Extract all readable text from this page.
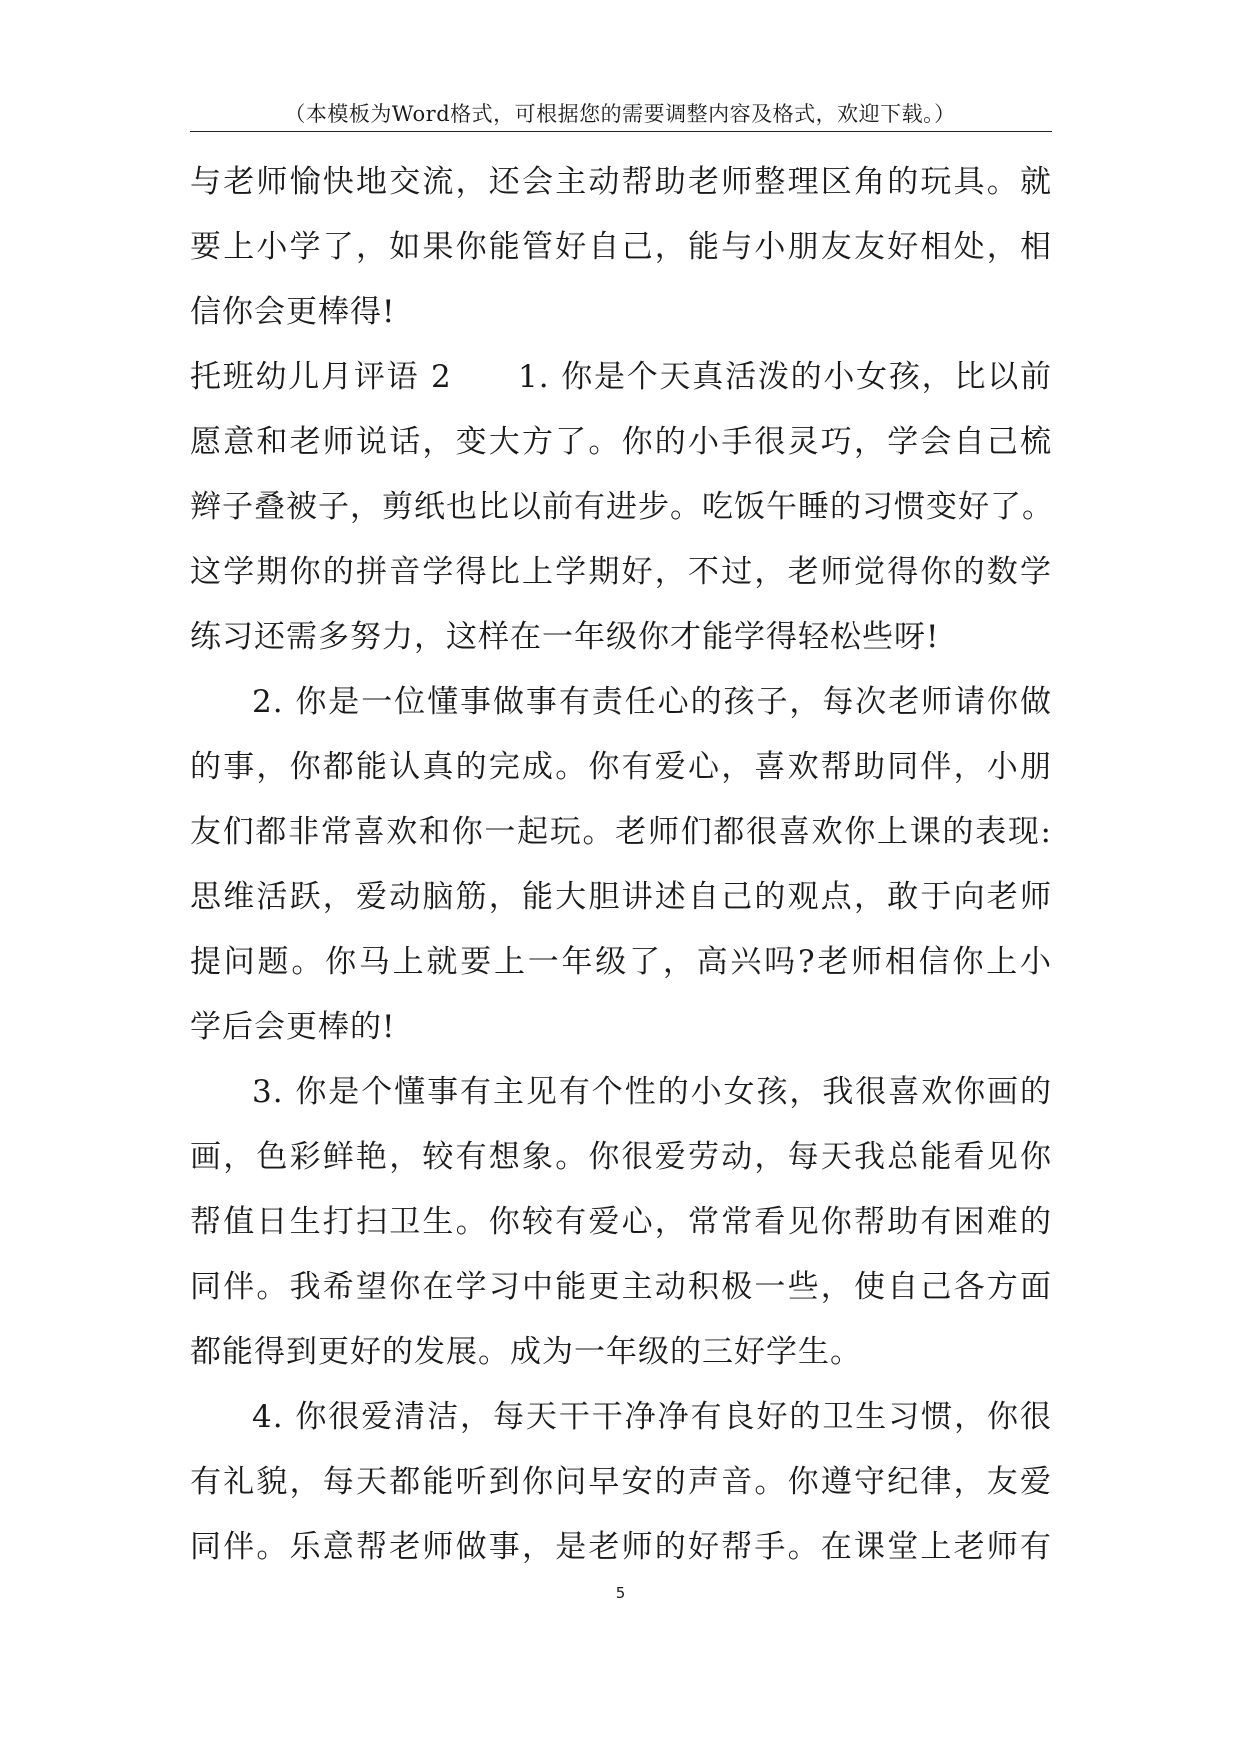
（本模板为Word格式，可根据您的需要调整内容及格式，欢迎下载。）
与老师愉快地交流，还会主动帮助老师整理区角的玩具。就
要上小学了，如果你能管好自己，能与小朋友友好相处，相
信你会更棒得!
托班幼儿月评语 2　　1. 你是个天真活泼的小女孩，比以前
愿意和老师说话，变大方了。你的小手很灵巧，学会自己梳
辫子叠被子，剪纸也比以前有进步。吃饭午睡的习惯变好了。
这学期你的拼音学得比上学期好，不过，老师觉得你的数学
练习还需多努力，这样在一年级你才能学得轻松些呀!
2. 你是一位懂事做事有责任心的孩子，每次老师请你做
的事，你都能认真的完成。你有爱心，喜欢帮助同伴，小朋
友们都非常喜欢和你一起玩。老师们都很喜欢你上课的表现:
思维活跃，爱动脑筋，能大胆讲述自己的观点，敢于向老师
提问题。你马上就要上一年级了，高兴吗?老师相信你上小
学后会更棒的!
3. 你是个懂事有主见有个性的小女孩，我很喜欢你画的
画，色彩鲜艳，较有想象。你很爱劳动，每天我总能看见你
帮值日生打扫卫生。你较有爱心，常常看见你帮助有困难的
同伴。我希望你在学习中能更主动积极一些，使自己各方面
都能得到更好的发展。成为一年级的三好学生。
4. 你很爱清洁，每天干干净净有良好的卫生习惯，你很
有礼貌，每天都能听到你问早安的声音。你遵守纪律，友爱
同伴。乐意帮老师做事，是老师的好帮手。在课堂上老师有
5
